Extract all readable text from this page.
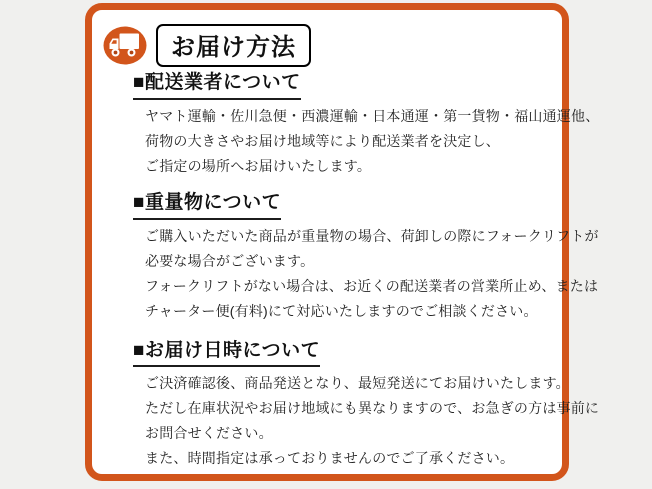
お届け方法
■配送業者について

ヤマト運輸・佐川急便・西濃運輸・日本通運・第一貨物・福山通運他、

荷物の大きさやお届け地域等により配送業者を決定し、

ご指定の場所へお届けいたします。

■重量物について

ご購入いただいた商品が重量物の場合、荷卸しの際にフォークリフトが

必要な場合がございます。

フォークリフトがない場合は、お近くの配送業者の営業所止め、または

チャーター便(有料)にて対応いたしますのでご相談ください。

■お届け日時について

ご決済確認後、商品発送となり、最短発送にてお届けいたします。

ただし在庫状況やお届け地域にも異なりますので、お急ぎの方は事前に

お問合せください。

また、時間指定は承っておりませんのでご了承ください。
